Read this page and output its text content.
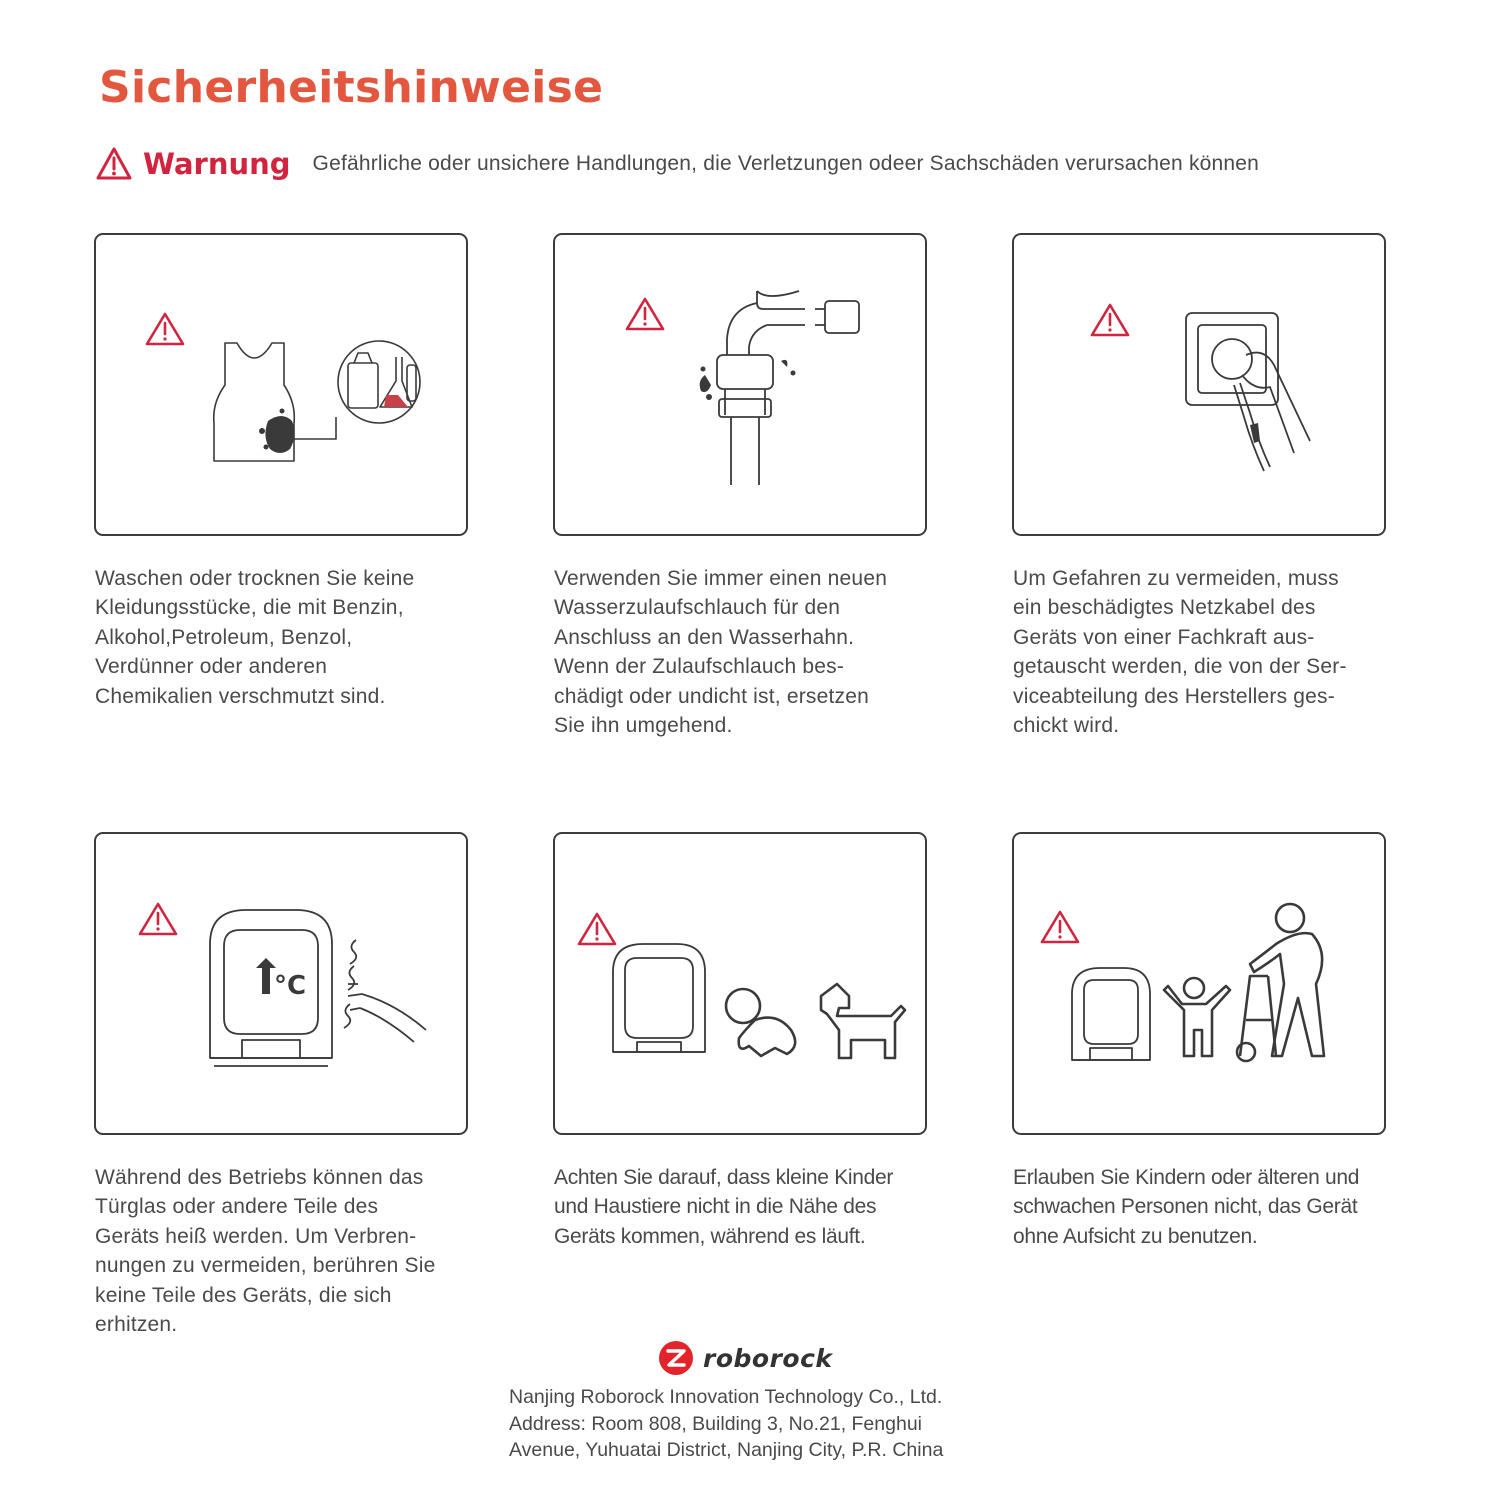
Sicherheitshinweise
Warnung Gefährliche oder unsichere Handlungen, die Verletzungen odeer Sachschäden verursachen können
Waschen oder trocknen Sie keine
Kleidungsstücke, die mit Benzin,
Alkohol,Petroleum, Benzol,
Verdünner oder anderen
Chemikalien verschmutzt sind.
Verwenden Sie immer einen neuen
Wasserzulaufschlauch für den
Anschluss an den Wasserhahn.
Wenn der Zulaufschlauch bes-
chädigt oder undicht ist, ersetzen
Sie ihn umgehend.
Um Gefahren zu vermeiden, muss
ein beschädigtes Netzkabel des
Geräts von einer Fachkraft aus-
getauscht werden, die von der Ser-
viceabteilung des Herstellers ges-
chickt wird.
°C
Während des Betriebs können das
Türglas oder andere Teile des
Geräts heiß werden. Um Verbren-
nungen zu vermeiden, berühren Sie
keine Teile des Geräts, die sich
erhitzen.
Achten Sie darauf, dass kleine Kinder
und Haustiere nicht in die Nähe des
Geräts kommen, während es läuft.
Erlauben Sie Kindern oder älteren und
schwachen Personen nicht, das Gerät
ohne Aufsicht zu benutzen.
roborock
Nanjing Roborock Innovation Technology Co., Ltd.
Address: Room 808, Building 3, No.21, Fenghui
Avenue, Yuhuatai District, Nanjing City, P.R. China
